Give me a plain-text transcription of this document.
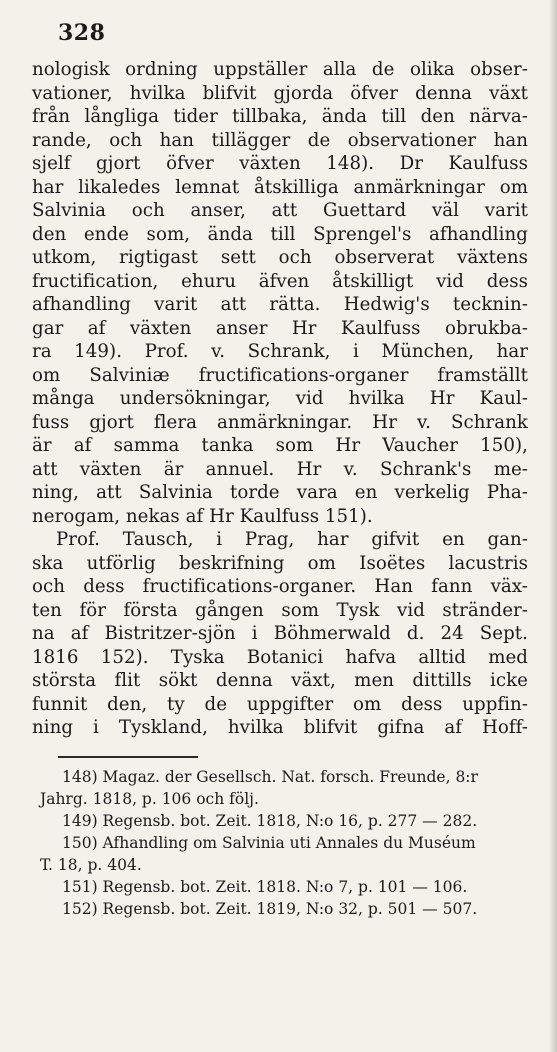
328
nologisk ordning uppställer alla de olika obser-
vationer, hvilka blifvit gjorda öfver denna växt
från långliga tider tillbaka, ända till den närva-
rande, och han tillägger de observationer han
sjelf gjort öfver växten 148). Dr Kaulfuss
har likaledes lemnat åtskilliga anmärkningar om
Salvinia och anser, att Guettard väl varit
den ende som, ända till Sprengel's afhandling
utkom, rigtigast sett och observerat växtens
fructification, ehuru äfven åtskilligt vid dess
afhandling varit att rätta. Hedwig's tecknin-
gar af växten anser Hr Kaulfuss obrukba-
ra 149). Prof. v. Schrank, i München, har
om Salviniæ fructifications-organer framställt
många undersökningar, vid hvilka Hr Kaul-
fuss gjort flera anmärkningar. Hr v. Schrank
är af samma tanka som Hr Vaucher 150),
att växten är annuel. Hr v. Schrank's me-
ning, att Salvinia torde vara en verkelig Pha-
nerogam, nekas af Hr Kaulfuss 151).
Prof. Tausch, i Prag, har gifvit en gan-
ska utförlig beskrifning om Isoëtes lacustris
och dess fructifications-organer. Han fann väx-
ten för första gången som Tysk vid stränder-
na af Bistritzer-sjön i Böhmerwald d. 24 Sept.
1816 152). Tyska Botanici hafva alltid med
största flit sökt denna växt, men dittills icke
funnit den, ty de uppgifter om dess uppfin-
ning i Tyskland, hvilka blifvit gifna af Hoff-
148) Magaz. der Gesellsch. Nat. forsch. Freunde, 8:r
Jahrg. 1818, p. 106 och följ.
149) Regensb. bot. Zeit. 1818, N:o 16, p. 277 — 282.
150) Afhandling om Salvinia uti Annales du Muséum
T. 18, p. 404.
151) Regensb. bot. Zeit. 1818. N:o 7, p. 101 — 106.
152) Regensb. bot. Zeit. 1819, N:o 32, p. 501 — 507.
